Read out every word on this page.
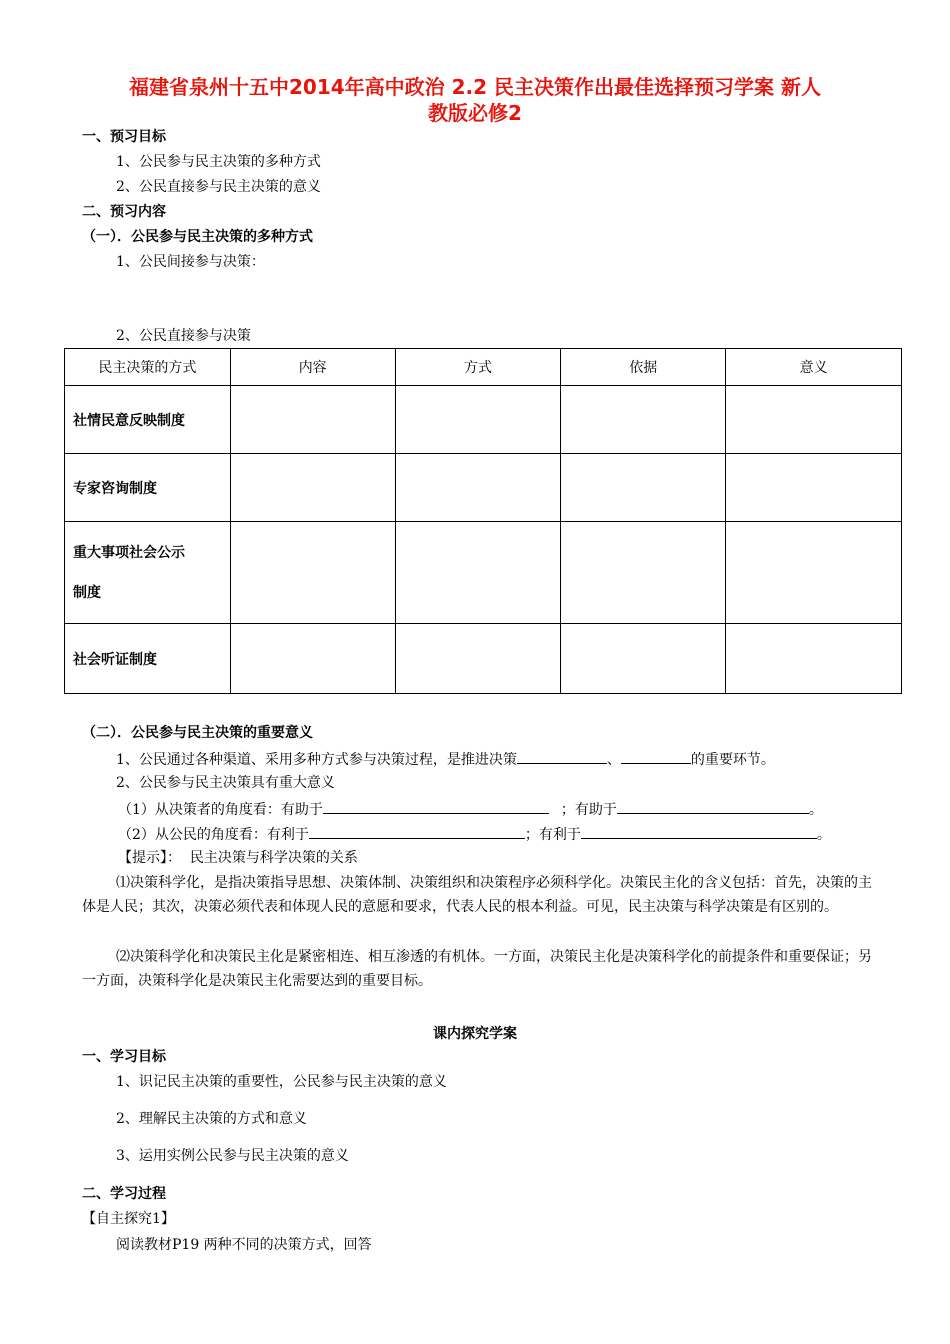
福建省泉州十五中2014年高中政治 2.2 民主决策作出最佳选择预习学案 新人
教版必修2
一、预习目标
1、公民参与民主决策的多种方式
2、公民直接参与民主决策的意义
二、预习内容
（一）．公民参与民主决策的多种方式
1、公民间接参与决策：
2、公民直接参与决策
民主决策的方式	内容	方式	依据	意义
社情民意反映制度				
专家咨询制度				

重大事项社会公示
制度				

社会听证制度				
（二）．公民参与民主决策的重要意义
1、公民通过各种渠道、采用多种方式参与决策过程，是推进决策	、	的重要环节。
2、公民参与民主决策具有重大意义
（1）从决策者的角度看：有助于	；有助于	。
（2）从公民的角度看：有利于	；有利于	。
【提示】： 民主决策与科学决策的关系
⑴决策科学化，是指决策指导思想、决策体制、决策组织和决策程序必须科学化。决策民主化的含义包括：首先，决策的主体是人民；其次，决策必须代表和体现人民的意愿和要求，代表人民的根本利益。可见，民主决策与科学决策是有区别的。
⑵决策科学化和决策民主化是紧密相连、相互渗透的有机体。一方面，决策民主化是决策科学化的前提条件和重要保证；另一方面，决策科学化是决策民主化需要达到的重要目标。
课内探究学案
一、学习目标
1、识记民主决策的重要性，公民参与民主决策的意义
2、理解民主决策的方式和意义
3、运用实例公民参与民主决策的意义
二、学习过程
【自主探究1】
阅读教材P19 两种不同的决策方式，回答
